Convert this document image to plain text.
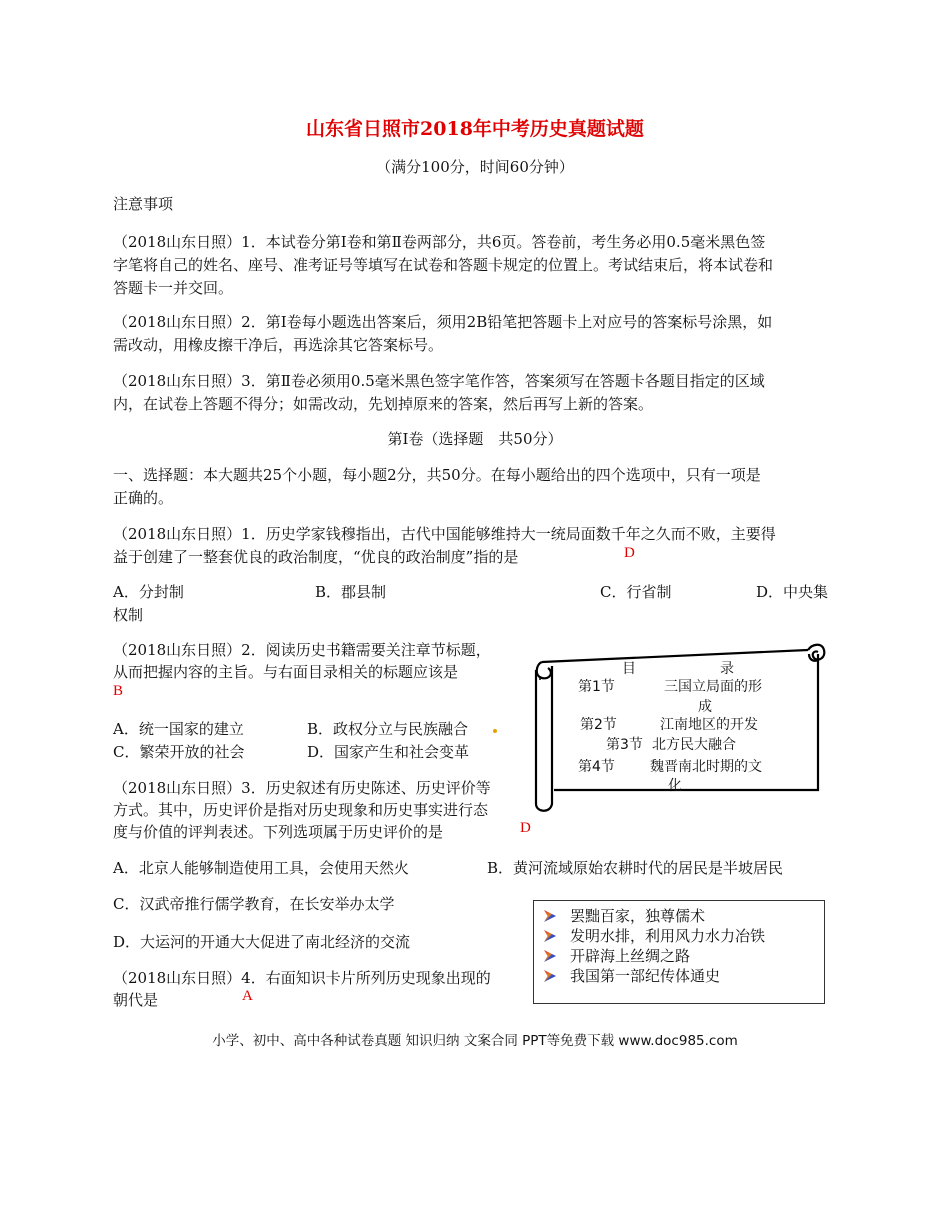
山东省日照市2018年中考历史真题试题
（满分100分，时间60分钟）
注意事项
（2018山东日照）1．本试卷分第Ⅰ卷和第Ⅱ卷两部分，共6页。答卷前，考生务必用0.5毫米黑色签
字笔将自己的姓名、座号、准考证号等填写在试卷和答题卡规定的位置上。考试结束后，将本试卷和
答题卡一并交回。
（2018山东日照）2．第Ⅰ卷每小题选出答案后，须用2B铅笔把答题卡上对应号的答案标号涂黑，如
需改动，用橡皮擦干净后，再选涂其它答案标号。
（2018山东日照）3．第Ⅱ卷必须用0.5毫米黑色签字笔作答，答案须写在答题卡各题目指定的区域
内，在试卷上答题不得分；如需改动，先划掉原来的答案，然后再写上新的答案。
第Ⅰ卷（选择题　共50分）
一、选择题：本大题共25个小题，每小题2分，共50分。在每小题给出的四个选项中，只有一项是
正确的。
（2018山东日照）1．历史学家钱穆指出，古代中国能够维持大一统局面数千年之久而不败，主要得
益于创建了一整套优良的政治制度，“优良的政治制度”指的是	D
A．分封制	B．郡县制	C．行省制	D．中央集
权制
（2018山东日照）2．阅读历史书籍需要关注章节标题，
从而把握内容的主旨。与右面目录相关的标题应该是
B
A．统一国家的建立	B．政权分立与民族融合
C．繁荣开放的社会	D．国家产生和社会变革
目	录
第1节	三国立局面的形
成
第2节	江南地区的开发
第3节 北方民大融合
第4节	魏晋南北时期的文
化
（2018山东日照）3．历史叙述有历史陈述、历史评价等
方式。其中，历史评价是指对历史现象和历史事实进行态
度与价值的评判表述。下列选项属于历史评价的是	D
A．北京人能够制造使用工具，会使用天然火	B．黄河流域原始农耕时代的居民是半坡居民
C．汉武帝推行儒学教育，在长安举办太学
D．大运河的开通大大促进了南北经济的交流
罢黜百家，独尊儒术
发明水排，利用风力水力冶铁
开辟海上丝绸之路
我国第一部纪传体通史
（2018山东日照）4．右面知识卡片所列历史现象出现的
朝代是	A
小学、初中、高中各种试卷真题 知识归纳 文案合同 PPT等免费下载 www.doc985.com
